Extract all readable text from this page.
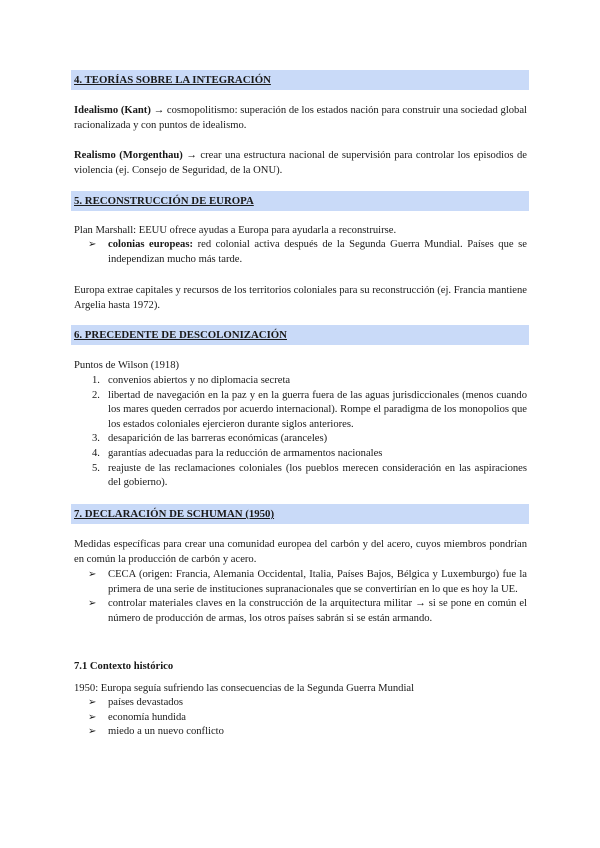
4. TEORÍAS SOBRE LA INTEGRACIÓN
Idealismo (Kant) → cosmopolitismo: superación de los estados nación para construir una sociedad global racionalizada y con puntos de idealismo.
Realismo (Morgenthau) → crear una estructura nacional de supervisión para controlar los episodios de violencia (ej. Consejo de Seguridad, de la ONU).
5. RECONSTRUCCIÓN DE EUROPA
Plan Marshall: EEUU ofrece ayudas a Europa para ayudarla a reconstruirse.
➢ colonias europeas: red colonial activa después de la Segunda Guerra Mundial. Países que se independizan mucho más tarde.
Europa extrae capitales y recursos de los territorios coloniales para su reconstrucción (ej. Francia mantiene Argelia hasta 1972).
6. PRECEDENTE DE DESCOLONIZACIÓN
Puntos de Wilson (1918)
1. convenios abiertos y no diplomacia secreta
2. libertad de navegación en la paz y en la guerra fuera de las aguas jurisdiccionales (menos cuando los mares queden cerrados por acuerdo internacional). Rompe el paradigma de los monopolios que los estados coloniales ejercieron durante siglos anteriores.
3. desaparición de las barreras económicas (aranceles)
4. garantías adecuadas para la reducción de armamentos nacionales
5. reajuste de las reclamaciones coloniales (los pueblos merecen consideración en las aspiraciones del gobierno).
7. DECLARACIÓN DE SCHUMAN (1950)
Medidas específicas para crear una comunidad europea del carbón y del acero, cuyos miembros pondrían en común la producción de carbón y acero.
➢ CECA (origen: Francia, Alemania Occidental, Italia, Países Bajos, Bélgica y Luxemburgo) fue la primera de una serie de instituciones supranacionales que se convertirían en lo que es hoy la UE.
➢ controlar materiales claves en la construcción de la arquitectura militar → si se pone en común el número de producción de armas, los otros países sabrán si se están armando.
7.1 Contexto histórico
1950: Europa seguía sufriendo las consecuencias de la Segunda Guerra Mundial
➢ países devastados
➢ economía hundida
➢ miedo a un nuevo conflicto
